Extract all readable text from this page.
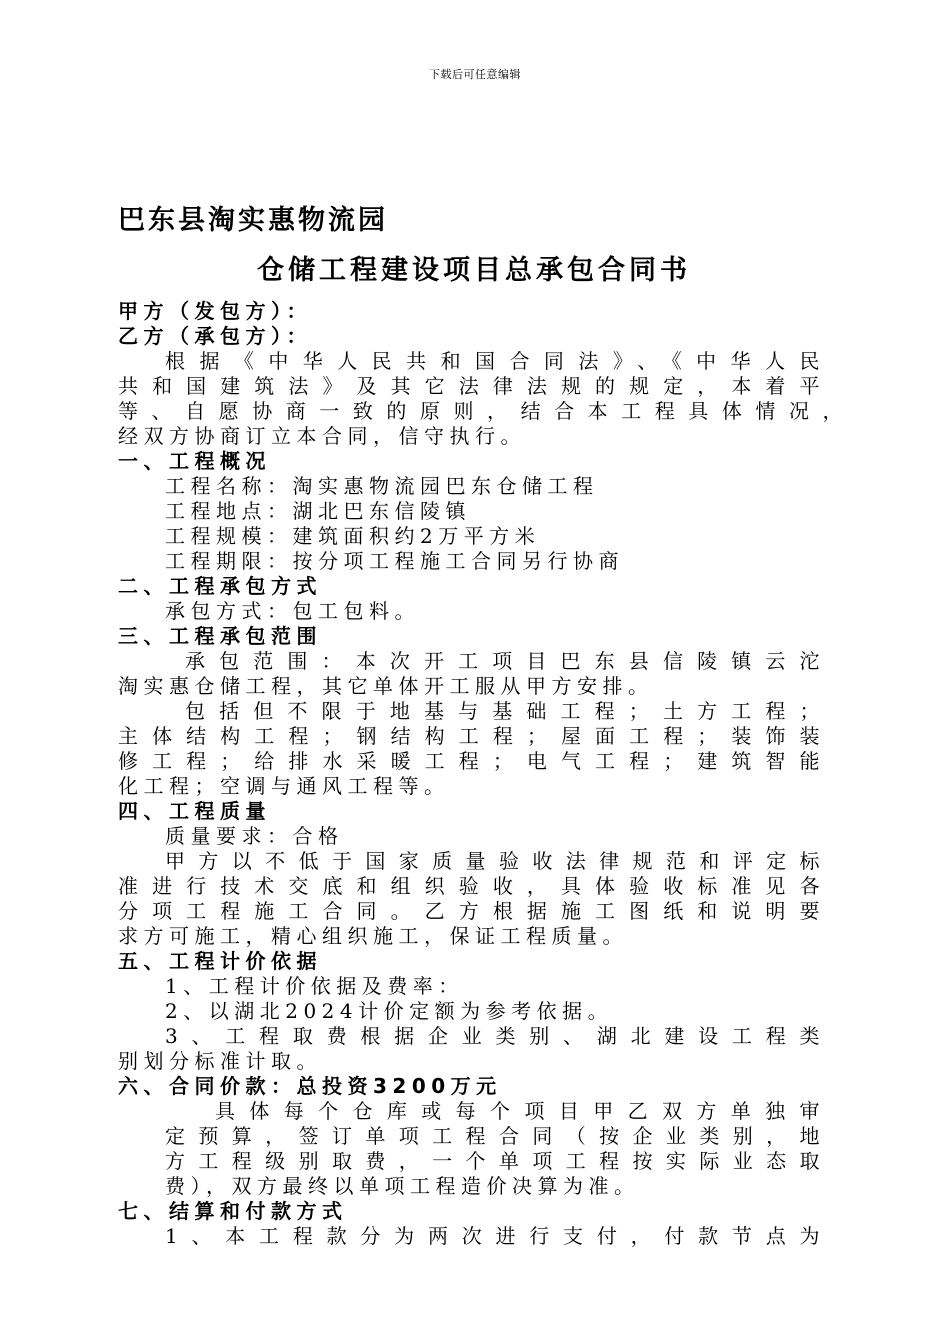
下载后可任意编辑
巴东县淘实惠物流园
仓储工程建设项目总承包合同书
甲方（发包方）：
乙方（承包方）：
根据《中华人民共和国合同法》、《中华人民
共和国建筑法》及其它法律法规的规定，本着平
等、自愿协商一致的原则，结合本工程具体情况，
经双方协商订立本合同，信守执行。
一、工程概况
工程名称：淘实惠物流园巴东仓储工程
工程地点：湖北巴东信陵镇
工程规模：建筑面积约2万平方米
工程期限：按分项工程施工合同另行协商
二、工程承包方式
承包方式：包工包料。
三、工程承包范围
承包范围：本次开工项目巴东县信陵镇云沱
淘实惠仓储工程，其它单体开工服从甲方安排。
包括但不限于地基与基础工程；土方工程；
主体结构工程；钢结构工程；屋面工程；装饰装
修工程；给排水采暖工程；电气工程；建筑智能
化工程；空调与通风工程等。
四、工程质量
质量要求：合格
甲方以不低于国家质量验收法律规范和评定标
准进行技术交底和组织验收，具体验收标准见各
分项工程施工合同。乙方根据施工图纸和说明要
求方可施工，精心组织施工，保证工程质量。
五、工程计价依据
1、工程计价依据及费率：
2、以湖北2024计价定额为参考依据。
3、工程取费根据企业类别、湖北建设工程类
别划分标准计取。
六、合同价款：总投资3200万元
具体每个仓库或每个项目甲乙双方单独审
定预算，签订单项工程合同（按企业类别，地
方工程级别取费，一个单项工程按实际业态取
费），双方最终以单项工程造价决算为准。
七、结算和付款方式
1、本工程款分为两次进行支付，付款节点为
